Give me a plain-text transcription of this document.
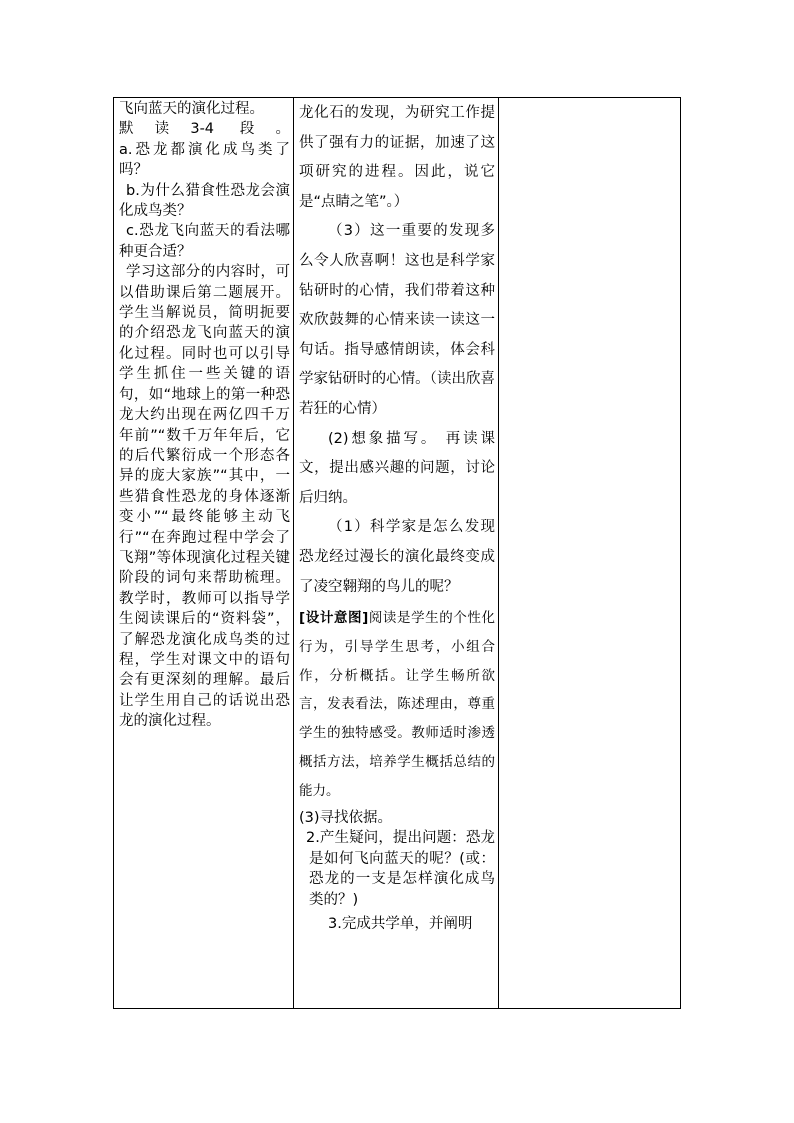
飞向蓝天的演化过程。

默读3-4 段。

a.恐龙都演化成鸟类了吗？

b.为什么猎食性恐龙会演化成鸟类？

c.恐龙飞向蓝天的看法哪种更合适？

学习这部分的内容时，可以借助课后第二题展开。学生当解说员，简明扼要的介绍恐龙飞向蓝天的演化过程。同时也可以引导学生抓住一些关键的语句，如“地球上的第一种恐龙大约出现在两亿四千万年前”“数千万年年后，它的后代繁衍成一个形态各异的庞大家族”“其中，一些猎食性恐龙的身体逐渐变小”“最终能够主动飞行”“在奔跑过程中学会了飞翔”等体现演化过程关键阶段的词句来帮助梳理。教学时，教师可以指导学生阅读课后的“资料袋”，了解恐龙演化成鸟类的过程，学生对课文中的语句会有更深刻的理解。最后让学生用自己的话说出恐龙的演化过程。

龙化石的发现，为研究工作提供了强有力的证据，加速了这项研究的进程。因此，说它是“点睛之笔”。）

（3）这一重要的发现多么令人欣喜啊！这也是科学家钻研时的心情，我们带着这种欢欣鼓舞的心情来读一读这一句话。指导感情朗读，体会科学家钻研时的心情。（读出欣喜若狂的心情）

(2)想象描写。 再读课文，提出感兴趣的问题，讨论后归纳。

（1）科学家是怎么发现恐龙经过漫长的演化最终变成了凌空翱翔的鸟儿的呢？

[设计意图]阅读是学生的个性化行为，引导学生思考，小组合作，分析概括。让学生畅所欲言，发表看法，陈述理由，尊重学生的独特感受。教师适时渗透概括方法，培养学生概括总结的能力。

(3)寻找依据。

2.产生疑问，提出问题：恐龙是如何飞向蓝天的呢？(或：恐龙的一支是怎样演化成鸟类的？)

3.完成共学单，并阐明
